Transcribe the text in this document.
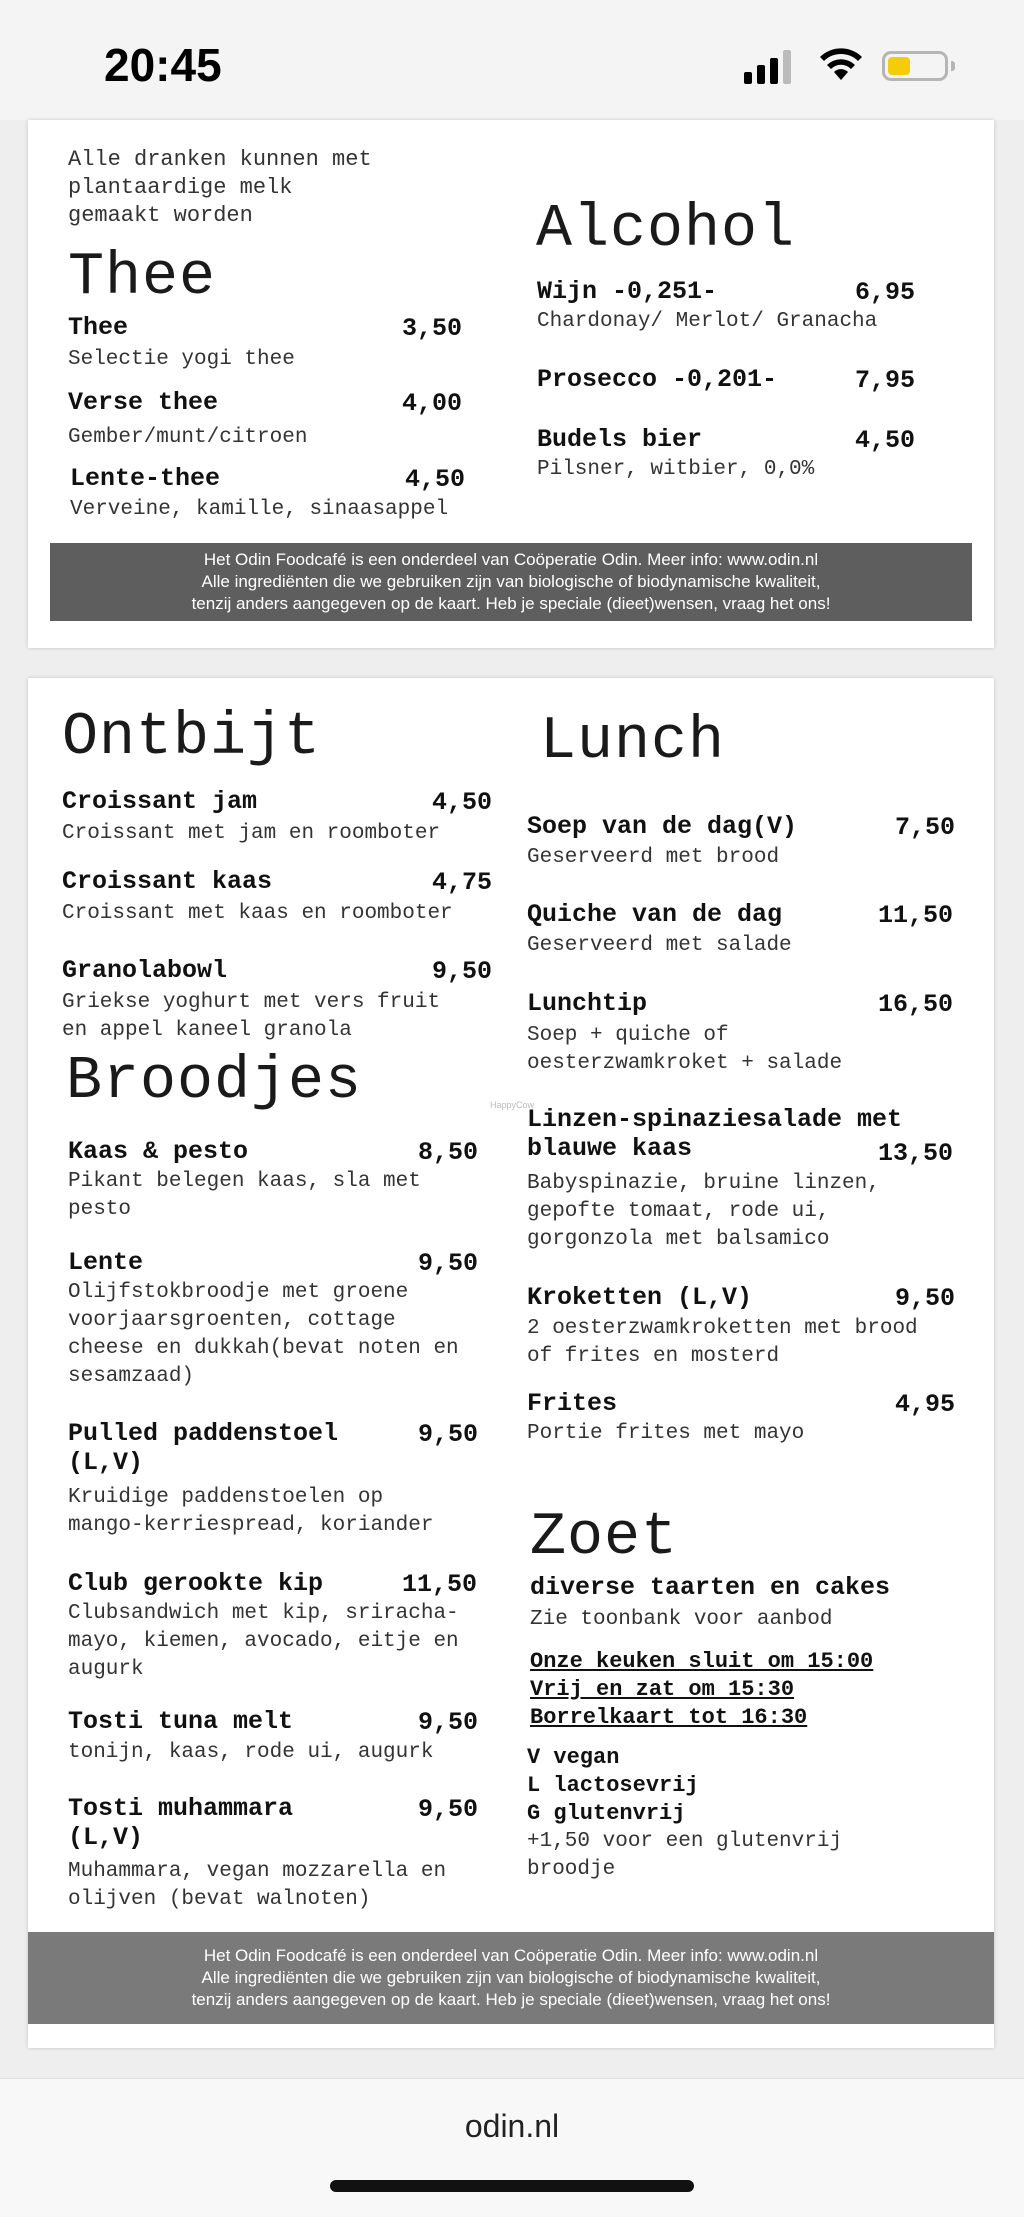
20:45
Alle dranken kunnen met
plantaardige melk
gemaakt worden
Thee
Thee	3,50
Selectie yogi thee
Verse thee	4,00
Gember/munt/citroen
Lente-thee	4,50
Verveine, kamille, sinaasappel
Alcohol
Wijn -0,251-	6,95
Chardonay/ Merlot/ Granacha
Prosecco -0,201-	7,95
Budels bier	4,50
Pilsner, witbier, 0,0%
Het Odin Foodcafé is een onderdeel van Coöperatie Odin. Meer info: www.odin.nl
Alle ingrediënten die we gebruiken zijn van biologische of biodynamische kwaliteit,
tenzij anders aangegeven op de kaart. Heb je speciale (dieet)wensen, vraag het ons!
Ontbijt
Croissant jam	4,50
Croissant met jam en roomboter
Croissant kaas	4,75
Croissant met kaas en roomboter
Granolabowl	9,50
Griekse yoghurt met vers fruit
en appel kaneel granola
Broodjes
Kaas & pesto	8,50
Pikant belegen kaas, sla met
pesto
Lente	9,50
Olijfstokbroodje met groene
voorjaarsgroenten, cottage
cheese en dukkah(bevat noten en
sesamzaad)
Pulled paddenstoel
(L,V)
9,50
Kruidige paddenstoelen op
mango-kerriespread, koriander
Club gerookte kip	11,50
Clubsandwich met kip, sriracha-
mayo, kiemen, avocado, eitje en
augurk
Tosti tuna melt	9,50
tonijn, kaas, rode ui, augurk
Tosti muhammara
(L,V)
9,50
Muhammara, vegan mozzarella en
olijven (bevat walnoten)
Lunch
Soep van de dag(V)	7,50
Geserveerd met brood
Quiche van de dag	11,50
Geserveerd met salade
Lunchtip	16,50
Soep + quiche of
oesterzwamkroket + salade
Linzen-spinaziesalade met
blauwe kaas	13,50
Babyspinazie, bruine linzen,
gepofte tomaat, rode ui,
gorgonzola met balsamico
Kroketten (L,V)	9,50
2 oesterzwamkroketten met brood
of frites en mosterd
Frites	4,95
Portie frites met mayo
Zoet
diverse taarten en cakes
Zie toonbank voor aanbod
Onze keuken sluit om 15:00
Vrij en zat om 15:30
Borrelkaart tot 16:30
V vegan
L lactosevrij
G glutenvrij
+1,50 voor een glutenvrij
broodje
HappyCow
Het Odin Foodcafé is een onderdeel van Coöperatie Odin. Meer info: www.odin.nl
Alle ingrediënten die we gebruiken zijn van biologische of biodynamische kwaliteit,
tenzij anders aangegeven op de kaart. Heb je speciale (dieet)wensen, vraag het ons!
odin.nl
